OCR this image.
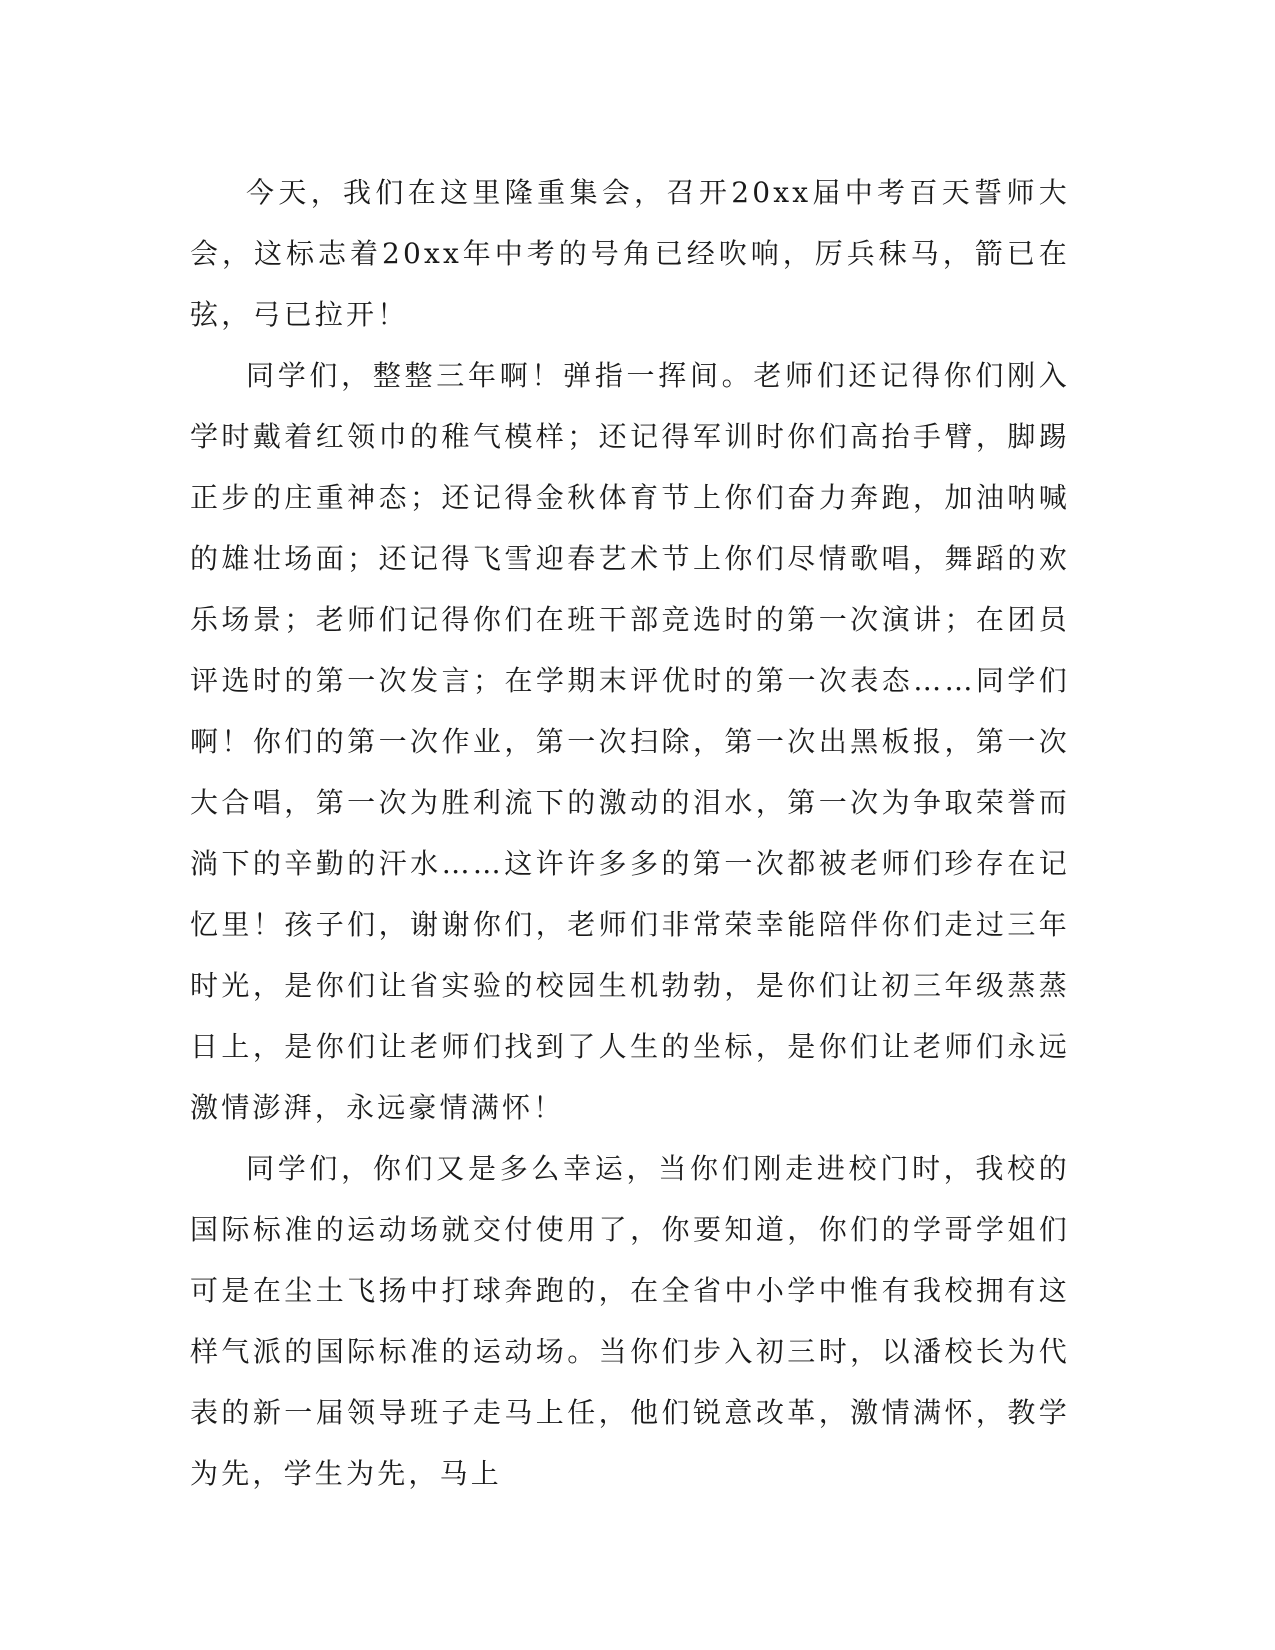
今天，我们在这里隆重集会，召开20xx届中考百天誓师大会，这标志着20xx年中考的号角已经吹响，厉兵秣马，箭已在弦，弓已拉开！

同学们，整整三年啊！弹指一挥间。老师们还记得你们刚入学时戴着红领巾的稚气模样；还记得军训时你们高抬手臂，脚踢正步的庄重神态；还记得金秋体育节上你们奋力奔跑，加油呐喊的雄壮场面；还记得飞雪迎春艺术节上你们尽情歌唱，舞蹈的欢乐场景；老师们记得你们在班干部竞选时的第一次演讲；在团员评选时的第一次发言；在学期末评优时的第一次表态……同学们啊！你们的第一次作业，第一次扫除，第一次出黑板报，第一次大合唱，第一次为胜利流下的激动的泪水，第一次为争取荣誉而淌下的辛勤的汗水……这许许多多的第一次都被老师们珍存在记忆里！孩子们，谢谢你们，老师们非常荣幸能陪伴你们走过三年时光，是你们让省实验的校园生机勃勃，是你们让初三年级蒸蒸日上，是你们让老师们找到了人生的坐标，是你们让老师们永远激情澎湃，永远豪情满怀！

同学们，你们又是多么幸运，当你们刚走进校门时，我校的国际标准的运动场就交付使用了，你要知道，你们的学哥学姐们可是在尘土飞扬中打球奔跑的，在全省中小学中惟有我校拥有这样气派的国际标准的运动场。当你们步入初三时，以潘校长为代表的新一届领导班子走马上任，他们锐意改革，激情满怀，教学为先，学生为先，马上
